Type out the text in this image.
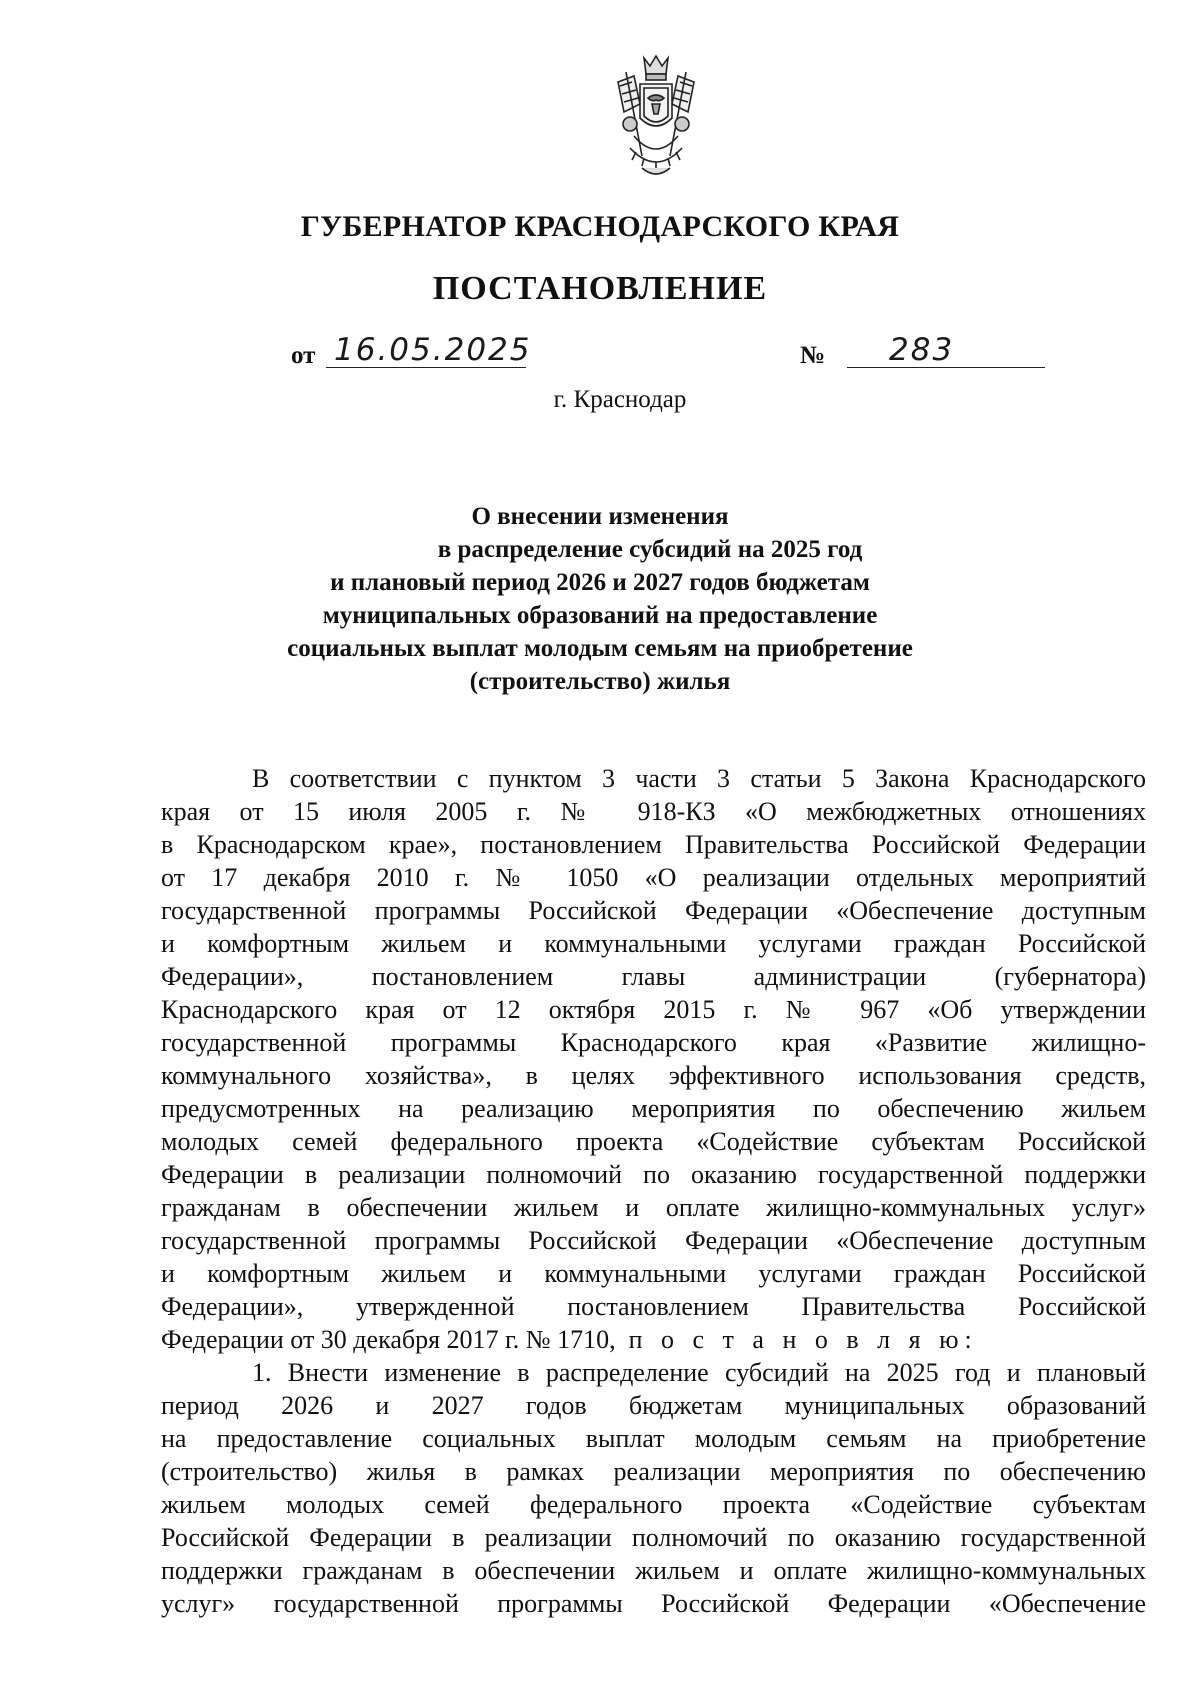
ГУБЕРНАТОР КРАСНОДАРСКОГО КРАЯ
ПОСТАНОВЛЕНИЕ
от 16.05.2025	№	283
г. Краснодар
О внесении изменения
в распределение субсидий на 2025 год
и плановый период 2026 и 2027 годов бюджетам
муниципальных образований на предоставление
социальных выплат молодым семьям на приобретение
(строительство) жилья
В соответствии с пунктом 3 части 3 статьи 5 Закона Краснодарского
края от 15 июля 2005 г. № 918-КЗ «О межбюджетных отношениях
в Краснодарском крае», постановлением Правительства Российской Федерации
от 17 декабря 2010 г. № 1050 «О реализации отдельных мероприятий
государственной программы Российской Федерации «Обеспечение доступным
и комфортным жильем и коммунальными услугами граждан Российской
Федерации», постановлением главы администрации (губернатора)
Краснодарского края от 12 октября 2015 г. № 967 «Об утверждении
государственной программы Краснодарского края «Развитие жилищно-
коммунального хозяйства», в целях эффективного использования средств,
предусмотренных на реализацию мероприятия по обеспечению жильем
молодых семей федерального проекта «Содействие субъектам Российской
Федерации в реализации полномочий по оказанию государственной поддержки
гражданам в обеспечении жильем и оплате жилищно-коммунальных услуг»
государственной программы Российской Федерации «Обеспечение доступным
и комфортным жильем и коммунальными услугами граждан Российской
Федерации», утвержденной постановлением Правительства Российской
Федерации от 30 декабря 2017 г. № 1710, п о с т а н о в л я ю:
1. Внести изменение в распределение субсидий на 2025 год и плановый
период 2026 и 2027 годов бюджетам муниципальных образований
на предоставление социальных выплат молодым семьям на приобретение
(строительство) жилья в рамках реализации мероприятия по обеспечению
жильем молодых семей федерального проекта «Содействие субъектам
Российской Федерации в реализации полномочий по оказанию государственной
поддержки гражданам в обеспечении жильем и оплате жилищно-коммунальных
услуг» государственной программы Российской Федерации «Обеспечение
